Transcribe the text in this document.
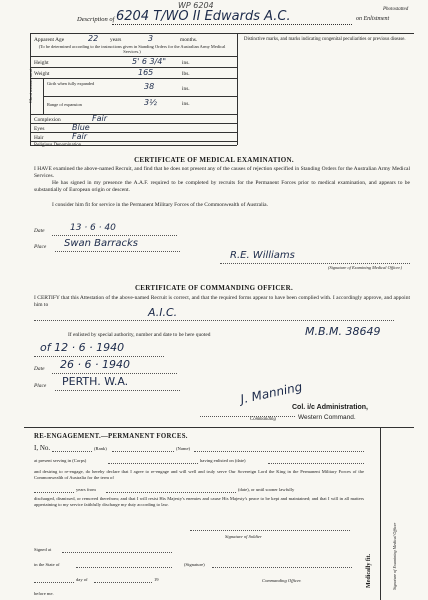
WP 6204	Photostatted
Description of 6204 T/WO II Edwards A.C.	on Enlistment
Apparent Age	22 years	3	months.
(To be determined according to the instructions given in Standing Orders for the Australian Army Medical Services.)
Height	5' 6 3/4"	ins.
Weight	165	lbs.
Chest measurement	Girth when fully expanded	38	ins.
Range of expansion	3½	ins.
Complexion	Fair
Eyes	Blue
Hair	Fair
Religious Denomination
Distinctive marks, and marks indicating congenital peculiarities or previous disease.
CERTIFICATE OF MEDICAL EXAMINATION.
I HAVE examined the above-named Recruit, and find that he does not present any of the causes of rejection specified in Standing Orders for the Australian Army Medical Services.
He has signed in my presence the A.A.F. required to be completed by recruits for the Permanent Forces prior to medical examination, and appears to be substantially of European origin or descent.
I consider him fit for service in the Permanent Military Forces of the Commonwealth of Australia.
Date	13 · 6 · 40
Place Swan Barracks
R.E. Williams
(Signature of Examining Medical Officer.)
CERTIFICATE OF COMMANDING OFFICER.
I CERTIFY that this Attestation of the above-named Recruit is correct, and that the required forms appear to have been complied with. I accordingly approve, and appoint him to
A.I.C.
If enlisted by special authority, number and date to be here quoted	M.B.M. 38649
of 12 · 6 · 1940
Date 26 · 6 · 1940
Place PERTH. W.A.	J. Manning
Col. i/c Administration,
Western Command.
Commanding
RE-ENGAGEMENT.—PERMANENT FORCES.
I, No.	(Rank)	(Name)
at present serving in (Corps)	having enlisted on (date)
and desiring to re-engage, do hereby declare that I agree to re-engage and will well and truly serve Our Sovereign Lord the King in the Permanent Military Forces of the Commonwealth of Australia for the term of
years from	(date), or until sooner lawfully
discharged, dismissed, or removed therefrom; and that I will resist His Majesty's enemies and cause His Majesty's peace to be kept and maintained; and that I will in all matters appertaining to my service faithfully discharge my duty according to law.
Signature of Soldier
Signed at
in the State of	(Signature)
day of	19	Commanding Officer.
before me.
Medically fit.	Signature of Examining Medical Officer
